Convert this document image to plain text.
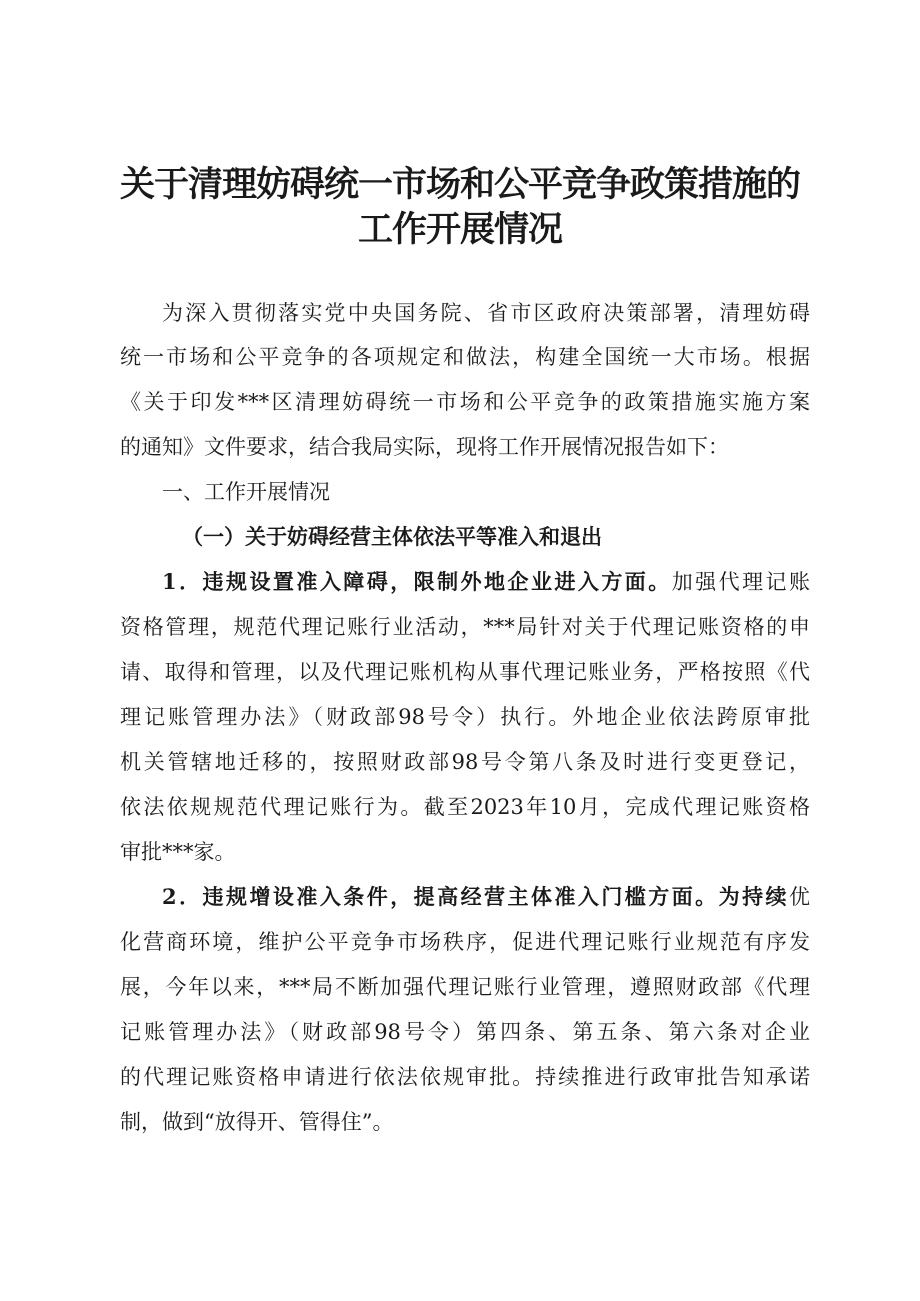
关于清理妨碍统一市场和公平竞争政策措施的
工作开展情况

为深入贯彻落实党中央国务院、省市区政府决策部署，清理妨碍

统一市场和公平竞争的各项规定和做法，构建全国统一大市场。根据

《关于印发***区清理妨碍统一市场和公平竞争的政策措施实施方案

的通知》文件要求，结合我局实际，现将工作开展情况报告如下：

一、工作开展情况

（一）关于妨碍经营主体依法平等准入和退出

1．违规设置准入障碍，限制外地企业进入方面。加强代理记账

资格管理，规范代理记账行业活动，***局针对关于代理记账资格的申

请、取得和管理，以及代理记账机构从事代理记账业务，严格按照《代

理记账管理办法》（财政部98号令）执行。外地企业依法跨原审批

机关管辖地迁移的，按照财政部98号令第八条及时进行变更登记，

依法依规规范代理记账行为。截至2023年10月，完成代理记账资格

审批***家。

2．违规增设准入条件，提高经营主体准入门槛方面。为持续优

化营商环境，维护公平竞争市场秩序，促进代理记账行业规范有序发

展，今年以来，***局不断加强代理记账行业管理，遵照财政部《代理

记账管理办法》（财政部98号令）第四条、第五条、第六条对企业

的代理记账资格申请进行依法依规审批。持续推进行政审批告知承诺

制，做到“放得开、管得住”。
